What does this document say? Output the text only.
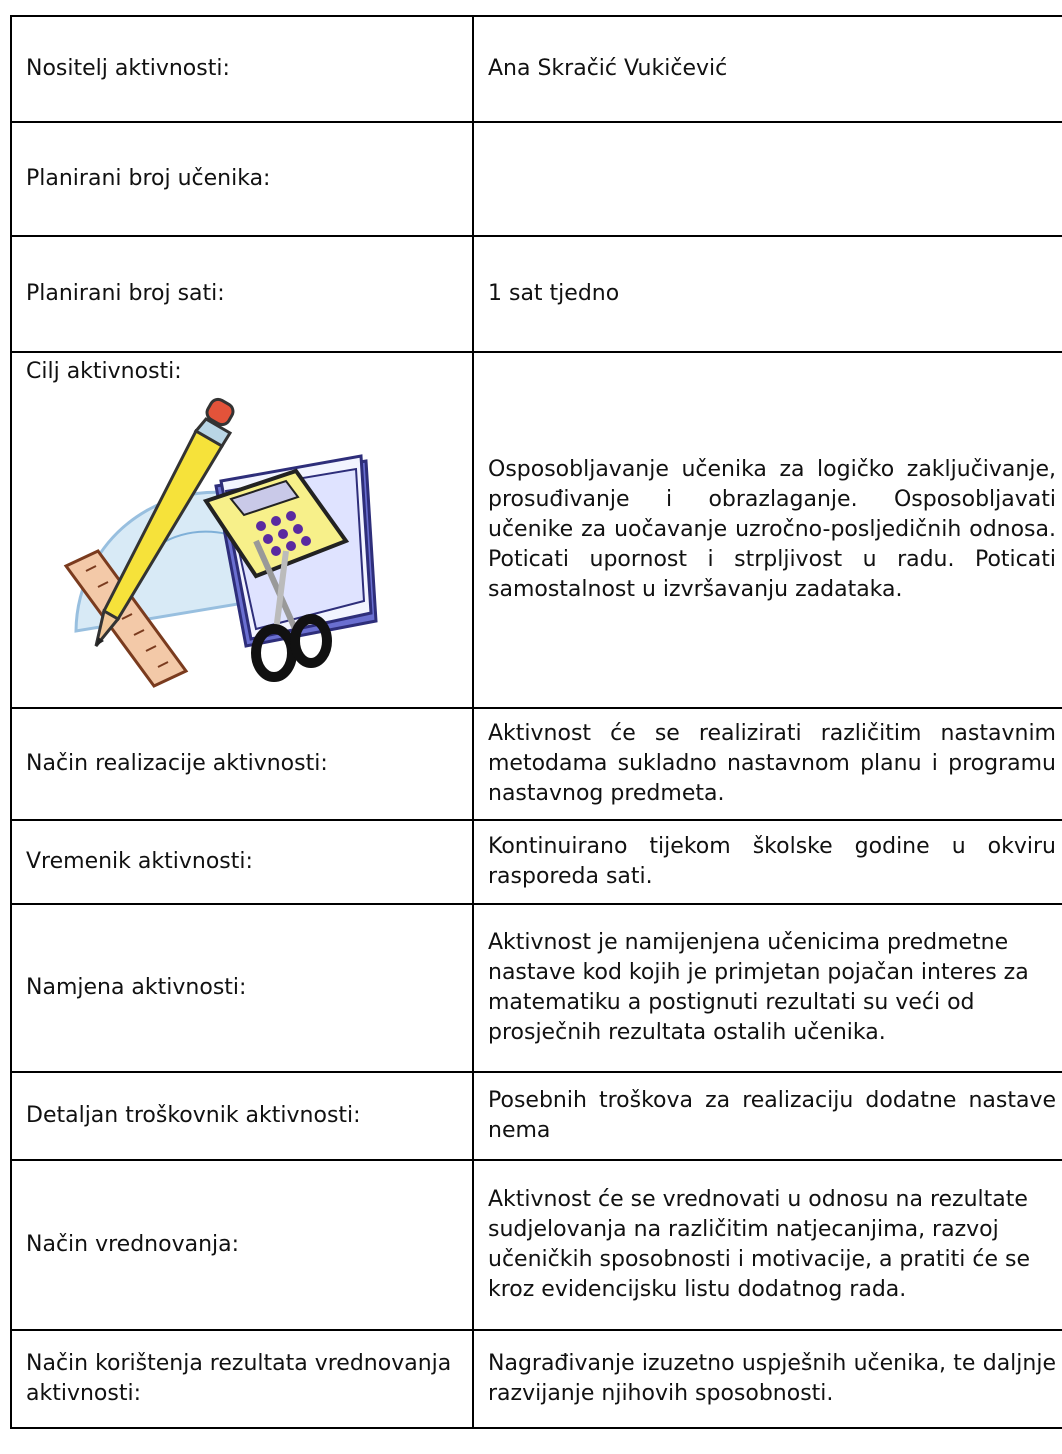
Nositelj aktivnosti:	Ana Skračić Vukičević
Planirani broj učenika:	
Planirani broj sati:	1 sat tjedno

Cilj aktivnosti:	Osposobljavanje učenika za logičko zaključivanje, prosuđivanje i obrazlaganje. Osposobljavati učenike za uočavanje uzročno-posljedičnih odnosa. Poticati upornost i strpljivost u radu. Poticati samostalnost u izvršavanju zadataka.
Način realizacije aktivnosti:	Aktivnost će se realizirati različitim nastavnim metodama sukladno nastavnom planu i programu nastavnog predmeta.
Vremenik aktivnosti:	Kontinuirano tijekom školske godine u okviru rasporeda sati.
Namjena aktivnosti:	Aktivnost je namijenjena učenicima predmetne nastave kod kojih je primjetan pojačan interes za matematiku a postignuti rezultati su veći od prosječnih rezultata ostalih učenika.
Detaljan troškovnik aktivnosti:	Posebnih troškova za realizaciju dodatne nastave nema
Način vrednovanja:	Aktivnost će se vrednovati u odnosu na rezultate sudjelovanja na različitim natjecanjima, razvoj učeničkih sposobnosti i motivacije, a pratiti će se kroz evidencijsku listu dodatnog rada.
Način korištenja rezultata vrednovanja aktivnosti:	Nagrađivanje izuzetno uspješnih učenika, te daljnje razvijanje njihovih sposobnosti.
